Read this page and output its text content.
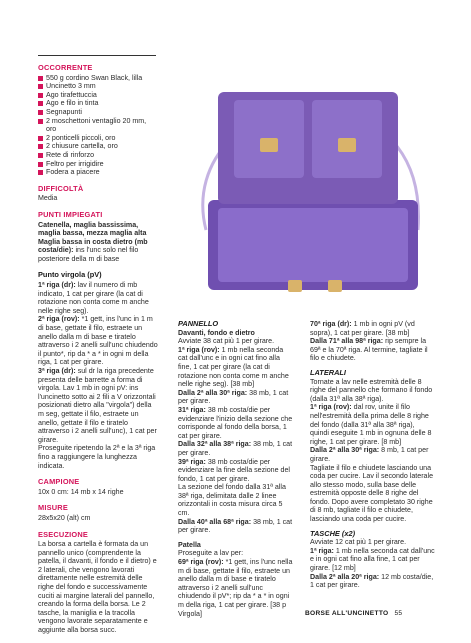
OCCORRENTE
550 g cordino Swan Black, lilla
Uncinetto 3 mm
Ago tirafettuccia
Ago e filo in tinta
Segnapunti
2 moschettoni ventaglio 20 mm, oro
2 ponticelli piccoli, oro
2 chiusure cartella, oro
Rete di rinforzo
Feltro per irrigidire
Fodera a piacere
DIFFICOLTÀ

Media

PUNTI IMPIEGATI

Catenella, maglia bassissima, maglia bassa, mezza maglia alta

Maglia bassa in costa dietro (mb costa/die): ins l'unc solo nel filo posteriore della m di base

Punto virgola (pV)

1ª riga (dr): lav il numero di mb indicato, 1 cat per girare (la cat di rotazione non conta come m anche nelle righe seg).

2ª riga (rov): *1 gett, ins l'unc in 1 m di base, gettate il filo, estraete un anello dalla m di base e tiratelo attraverso i 2 anelli sull'unc chiudendo il punto*, rip da * a * in ogni m della riga, 1 cat per girare.

3ª riga (dr): sul dr la riga precedente presenta delle barrette a forma di virgola. Lav 1 mb in ogni pV: ins l'uncinetto sotto ai 2 fili a V orizzontali posizionati dietro alla "virgola") della m seg, gettate il filo, estraete un anello, gettate il filo e tiratelo attraverso i 2 anelli sull'unc), 1 cat per girare.

Proseguite ripetendo la 2ª e la 3ª riga fino a raggiungere la lunghezza indicata.

CAMPIONE

10x 0 cm: 14 mb x 14 righe

MISURE

28x5x20 (alt) cm

ESECUZIONE

La borsa a cartella è formata da un pannello unico (comprendente la patella, il davanti, il fondo e il dietro) e 2 laterali, che vengono lavorati direttamente nelle estremità delle righe del fondo e successivamente cuciti ai margine laterali del pannello, creando la forma della borsa. Le 2 tasche, la maniglia e la tracolla vengono lavorate separatamente e aggiunte alla borsa succ.

PANNELLO
Davanti, fondo e dietro

Avviate 38 cat più 1 per girare.

1ª riga (rov): 1 mb nella seconda cat dall'unc e in ogni cat fino alla fine, 1 cat per girare (la cat di rotazione non conta come m anche nelle righe seg). [38 mb]

Dalla 2ª alla 30ª riga: 38 mb, 1 cat per girare.

31ª riga: 38 mb costa/die per evidenziare l'inizio della sezione che corrisponde al fondo della borsa, 1 cat per girare.

Dalla 32ª alla 38ª riga: 38 mb, 1 cat per girare.

39ª riga: 38 mb costa/die per evidenziare la fine della sezione del fondo, 1 cat per girare.

La sezione del fondo dalla 31ª alla 38ª riga, delimitata dalle 2 linee orizzontali in costa misura circa 5 cm.

Dalla 40ª alla 68ª riga: 38 mb, 1 cat per girare.

Patella

Proseguite a lav per:

69ª riga (rov): *1 gett, ins l'unc nella m di base, gettate il filo, estraete un anello dalla m di base e tiratelo attraverso i 2 anelli sull'unc chiudendo il pV*; rip da * a * in ogni m della riga, 1 cat per girare. [38 p Virgola]

70ª riga (dr): 1 mb in ogni pV (vd sopra), 1 cat per girare. [38 mb]

Dalla 71ª alla 98ª riga: rip sempre la 69ª e la 70ª riga. Al termine, tagliate il filo e chiudete.

LATERALI

Tornate a lav nelle estremità delle 8 righe del pannello che formano il fondo (dalla 31ª alla 38ª riga).

1ª riga (rov): dal rov, unite il filo nell'estremità della prima delle 8 righe del fondo (dalla 31ª alla 38ª riga), quindi eseguite 1 mb in ognuna delle 8 righe, 1 cat per girare. [8 mb]

Dalla 2ª alla 30ª riga: 8 mb, 1 cat per girare.

Tagliate il filo e chiudete lasciando una coda per cucire. Lav il secondo laterale allo stesso modo, sulla base delle estremità opposte delle 8 righe del fondo. Dopo avere completato 30 righe di 8 mb, tagliate il filo e chiudete, lasciando una coda per cucire.

TASCHE (x2)

Avviate 12 cat più 1 per girare.

1ª riga: 1 mb nella seconda cat dall'unc e in ogni cat fino alla fine, 1 cat per girare. [12 mb]

Dalla 2ª alla 20ª riga: 12 mb costa/die, 1 cat per girare.

BORSE ALL'UNCINETTO 55
